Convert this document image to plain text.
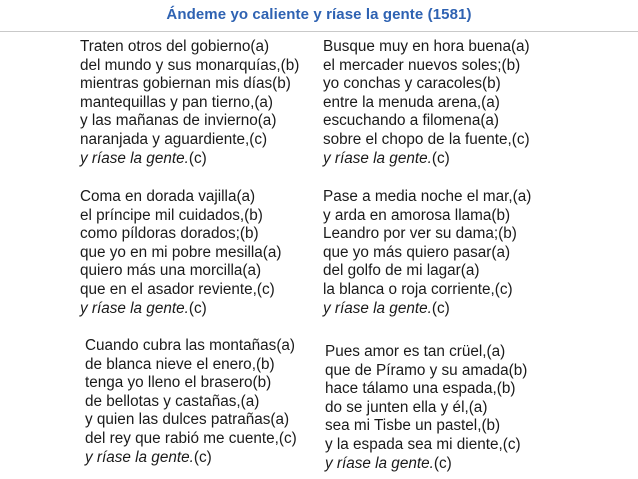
Ándeme yo caliente y ríase la gente (1581)
Traten otros del gobierno(a)
del mundo y sus monarquías,(b)
mientras gobiernan mis días(b)
mantequillas y pan tierno,(a)
y las mañanas de invierno(a)
naranjada y aguardiente,(c)
y ríase la gente.(c)
Busque muy en hora buena(a)
el mercader nuevos soles;(b)
yo conchas y caracoles(b)
entre la menuda arena,(a)
escuchando a filomena(a)
sobre el chopo de la fuente,(c)
y ríase la gente.(c)
Coma en dorada vajilla(a)
el príncipe mil cuidados,(b)
como píldoras dorados;(b)
que yo en mi pobre mesilla(a)
quiero más una morcilla(a)
que en el asador reviente,(c)
y ríase la gente.(c)
Pase a media noche el mar,(a)
y arda en amorosa llama(b)
Leandro por ver su dama;(b)
que yo más quiero pasar(a)
del golfo de mi lagar(a)
la blanca o roja corriente,(c)
y ríase la gente.(c)
Cuando cubra las montañas(a)
de blanca nieve el enero,(b)
tenga yo lleno el brasero(b)
de bellotas y castañas,(a)
y quien las dulces patrañas(a)
del rey que rabió me cuente,(c)
y ríase la gente.(c)
Pues amor es tan crüel,(a)
que de Píramo y su amada(b)
hace tálamo una espada,(b)
do se junten ella y él,(a)
sea mi Tisbe un pastel,(b)
y la espada sea mi diente,(c)
y ríase la gente.(c)
